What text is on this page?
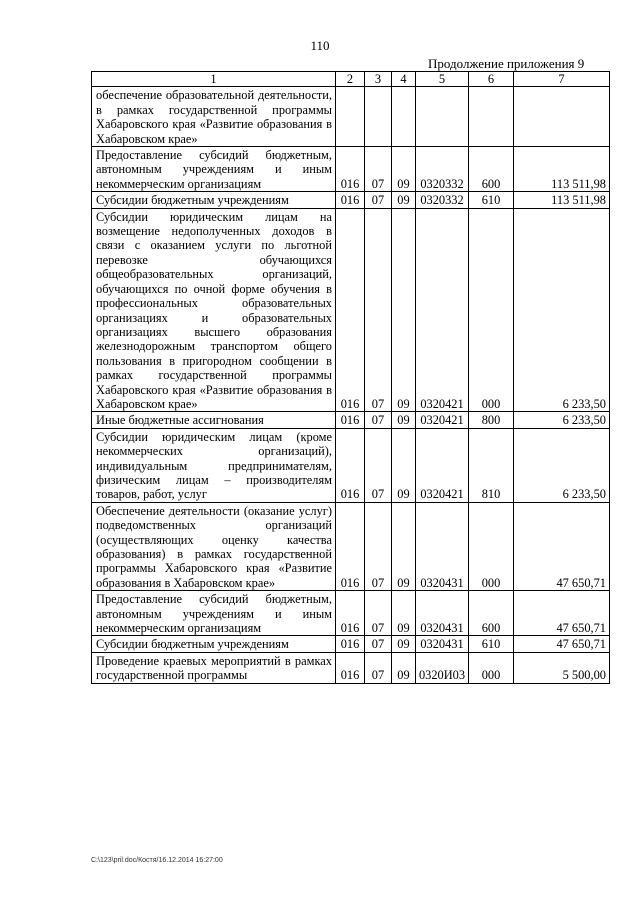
110
Продолжение приложения 9
1	2	3	4	5	6	7
обеспечение образовательной деятельности, в рамках государственной программы Хабаровского края «Развитие образования в Хабаровском крае»						
Предоставление субсидий бюджетным, автономным учреждениям и иным некоммерческим организациям	016	07	09	0320332	600	113 511,98
Субсидии бюджетным учреждениям	016	07	09	0320332	610	113 511,98
Субсидии юридическим лицам на возмещение недополученных доходов в связи с оказанием услуги по льготной перевозке обучающихся общеобразовательных организаций, обучающихся по очной форме обучения в профессиональных образовательных организациях и образовательных организациях высшего образования железнодорожным транспортом общего пользования в пригородном сообщении в рамках государственной программы Хабаровского края «Развитие образования в Хабаровском крае»	016	07	09	0320421	000	6 233,50
Иные бюджетные ассигнования	016	07	09	0320421	800	6 233,50
Субсидии юридическим лицам (кроме некоммерческих организаций), индивидуальным предпринимателям, физическим лицам – производителям товаров, работ, услуг	016	07	09	0320421	810	6 233,50
Обеспечение деятельности (оказание услуг) подведомственных организаций (осуществляющих оценку качества образования) в рамках государственной программы Хабаровского края «Развитие образования в Хабаровском крае»	016	07	09	0320431	000	47 650,71
Предоставление субсидий бюджетным, автономным учреждениям и иным некоммерческим организациям	016	07	09	0320431	600	47 650,71
Субсидии бюджетным учреждениям	016	07	09	0320431	610	47 650,71
Проведение краевых мероприятий в рамках государственной программы	016	07	09	0320И03	000	5 500,00
C:\123\pril.doc/Костя/16.12.2014 16:27:00
